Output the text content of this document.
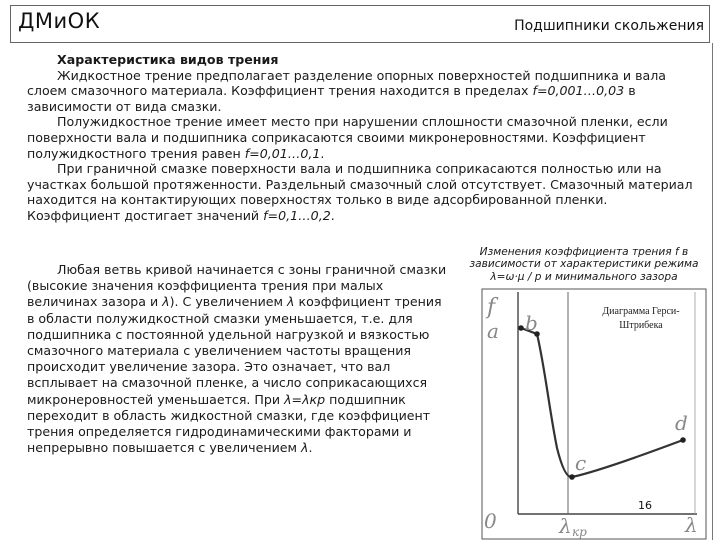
ДМиОК	Подшипники скольжения

Характеристика видов трения

Жидкостное трение предполагает разделение опорных поверхностей подшипника и вала слоем смазочного материала. Коэффициент трения находится в пределах f=0,001…0,03 в зависимости от вида смазки.

Полужидкостное трение имеет место при нарушении сплошности смазочной пленки, если поверхности вала и подшипника соприкасаются своими микронеровностями. Коэффициент полужидкостного трения равен f=0,01…0,1.

При граничной смазке поверхности вала и подшипника соприкасаются полностью или на участках большой протяженности. Раздельный смазочный слой отсутствует. Смазочный материал находится на контактирующих поверхностях только в виде адсорбированной пленки. Коэффициент достигает значений f=0,1…0,2.

Любая ветвь кривой начинается с зоны граничной смазки (высокие значения коэффициента трения при малых величинах зазора и λ). С увеличением λ коэффициент трения в области полужидкостной смазки уменьшается, т.е. для подшипника с постоянной удельной нагрузкой и вязкостью смазочного материала с увеличением частоты вращения происходит увеличение зазора. Это означает, что вал всплывает на смазочной пленке, а число соприкасающихся микронеровностей уменьшается. При λ=λкр подшипник переходит в область жидкостной смазки, где коэффициент трения определяется гидродинамическими факторами и непрерывно повышается с увеличением λ.

Изменения коэффициента трения f в
зависимости от характеристики режима
λ=ω·μ / p и минимального зазора
Диаграмма Герси-
Штрибека
f
a b
c
d
0	λ кр	λ
16
